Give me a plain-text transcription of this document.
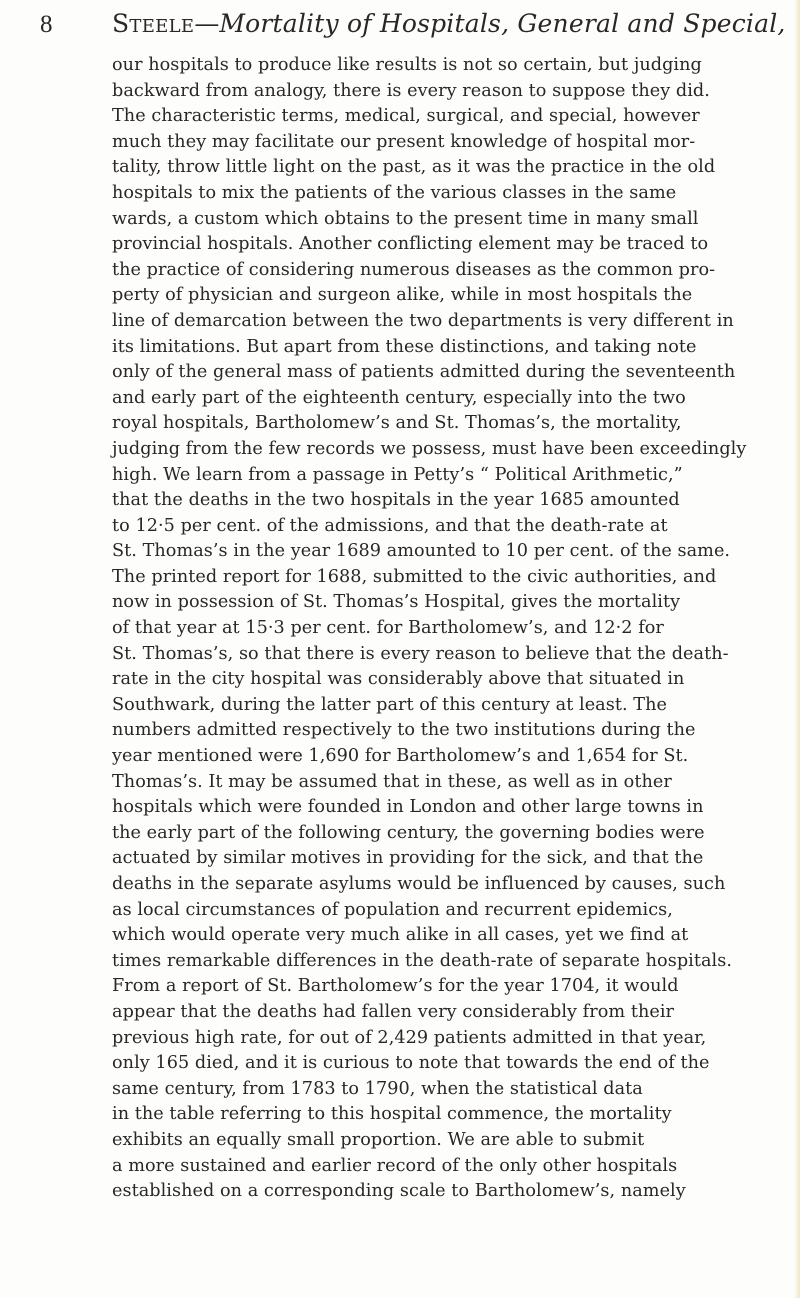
8 Steele—Mortality of Hospitals, General and Special,
our hospitals to produce like results is not so certain, but judging
backward from analogy, there is every reason to suppose they did.
The characteristic terms, medical, surgical, and special, however
much they may facilitate our present knowledge of hospital mor-
tality, throw little light on the past, as it was the practice in the old
hospitals to mix the patients of the various classes in the same
wards, a custom which obtains to the present time in many small
provincial hospitals. Another conflicting element may be traced to
the practice of considering numerous diseases as the common pro-
perty of physician and surgeon alike, while in most hospitals the
line of demarcation between the two departments is very different in
its limitations. But apart from these distinctions, and taking note
only of the general mass of patients admitted during the seventeenth
and early part of the eighteenth century, especially into the two
royal hospitals, Bartholomew’s and St. Thomas’s, the mortality,
judging from the few records we possess, must have been exceedingly
high. We learn from a passage in Petty’s “ Political Arithmetic,”
that the deaths in the two hospitals in the year 1685 amounted
to 12·5 per cent. of the admissions, and that the death-rate at
St. Thomas’s in the year 1689 amounted to 10 per cent. of the same.
The printed report for 1688, submitted to the civic authorities, and
now in possession of St. Thomas’s Hospital, gives the mortality
of that year at 15·3 per cent. for Bartholomew’s, and 12·2 for
St. Thomas’s, so that there is every reason to believe that the death-
rate in the city hospital was considerably above that situated in
Southwark, during the latter part of this century at least. The
numbers admitted respectively to the two institutions during the
year mentioned were 1,690 for Bartholomew’s and 1,654 for St.
Thomas’s. It may be assumed that in these, as well as in other
hospitals which were founded in London and other large towns in
the early part of the following century, the governing bodies were
actuated by similar motives in providing for the sick, and that the
deaths in the separate asylums would be influenced by causes, such
as local circumstances of population and recurrent epidemics,
which would operate very much alike in all cases, yet we find at
times remarkable differences in the death-rate of separate hospitals.
From a report of St. Bartholomew’s for the year 1704, it would
appear that the deaths had fallen very considerably from their
previous high rate, for out of 2,429 patients admitted in that year,
only 165 died, and it is curious to note that towards the end of the
same century, from 1783 to 1790, when the statistical data
in the table referring to this hospital commence, the mortality
exhibits an equally small proportion. We are able to submit
a more sustained and earlier record of the only other hospitals
established on a corresponding scale to Bartholomew’s, namely
